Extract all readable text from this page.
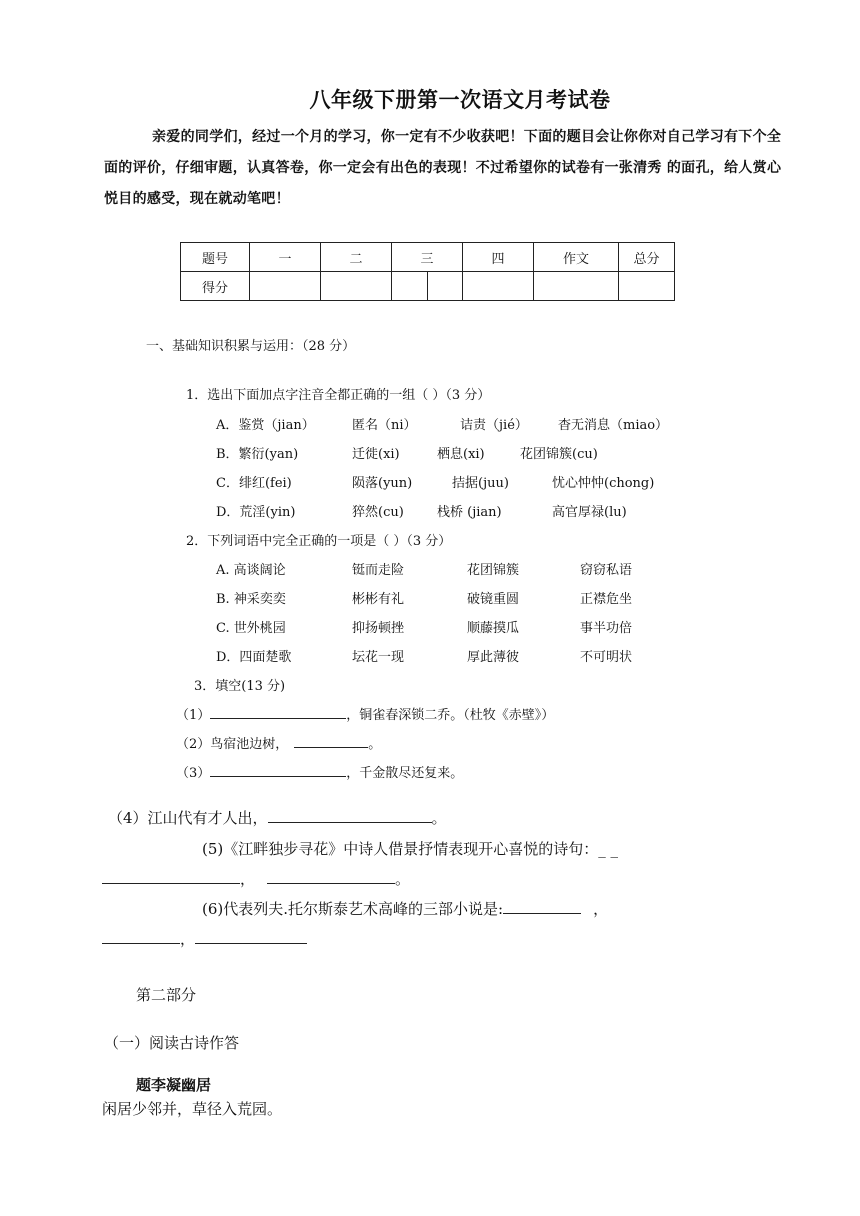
八年级下册第一次语文月考试卷
亲爱的同学们，经过一个月的学习，你一定有不少收获吧！下面的题目会让你你对自己学习有下个全面的评价，仔细审题，认真答卷，你一定会有出色的表现！不过希望你的试卷有一张清秀 的面孔，给人赏心悦目的感受，现在就动笔吧！
题号	一	二	三		四	作文	总分
得分							
一、基础知识积累与运用：（28 分）
1．选出下面加点字注音全都正确的一组（ ）（3 分）
A．鉴赏（jian）	匿名（ni）	诘责（jié） 杳无消息（miao）
B．繁衍(yan)	迁徙(xi)	栖息(xi)	花团锦簇(cu)
C．绯红(fei)	陨落(yun)	拮据(juu)	忧心忡忡(chong)
D．荒淫(yin)	猝然(cu)	栈桥 (jian)	高官厚禄(lu)
2．下列词语中完全正确的一项是（ ）（3 分）
A. 高谈阔论	铤而走险	花团锦簇	窃窃私语
B. 神采奕奕	彬彬有礼	破镜重圆	正襟危坐
C. 世外桃园	抑扬顿挫	顺藤摸瓜	事半功倍
D．四面楚歌	坛花一现	厚此薄彼	不可明状
3．填空(13 分)
（1）	，铜雀春深锁二乔。（杜牧《赤壁》）
（2）鸟宿池边树，	。
（3）	，千金散尽还复来。
（4）江山代有才人出，	。
(5)《江畔独步寻花》中诗人借景抒情表现开心喜悦的诗句：_ _
，	。
(6)代表列夫.托尔斯泰艺术高峰的三部小说是:	，
，
第二部分
（一）阅读古诗作答
题李凝幽居
闲居少邻并，草径入荒园。
